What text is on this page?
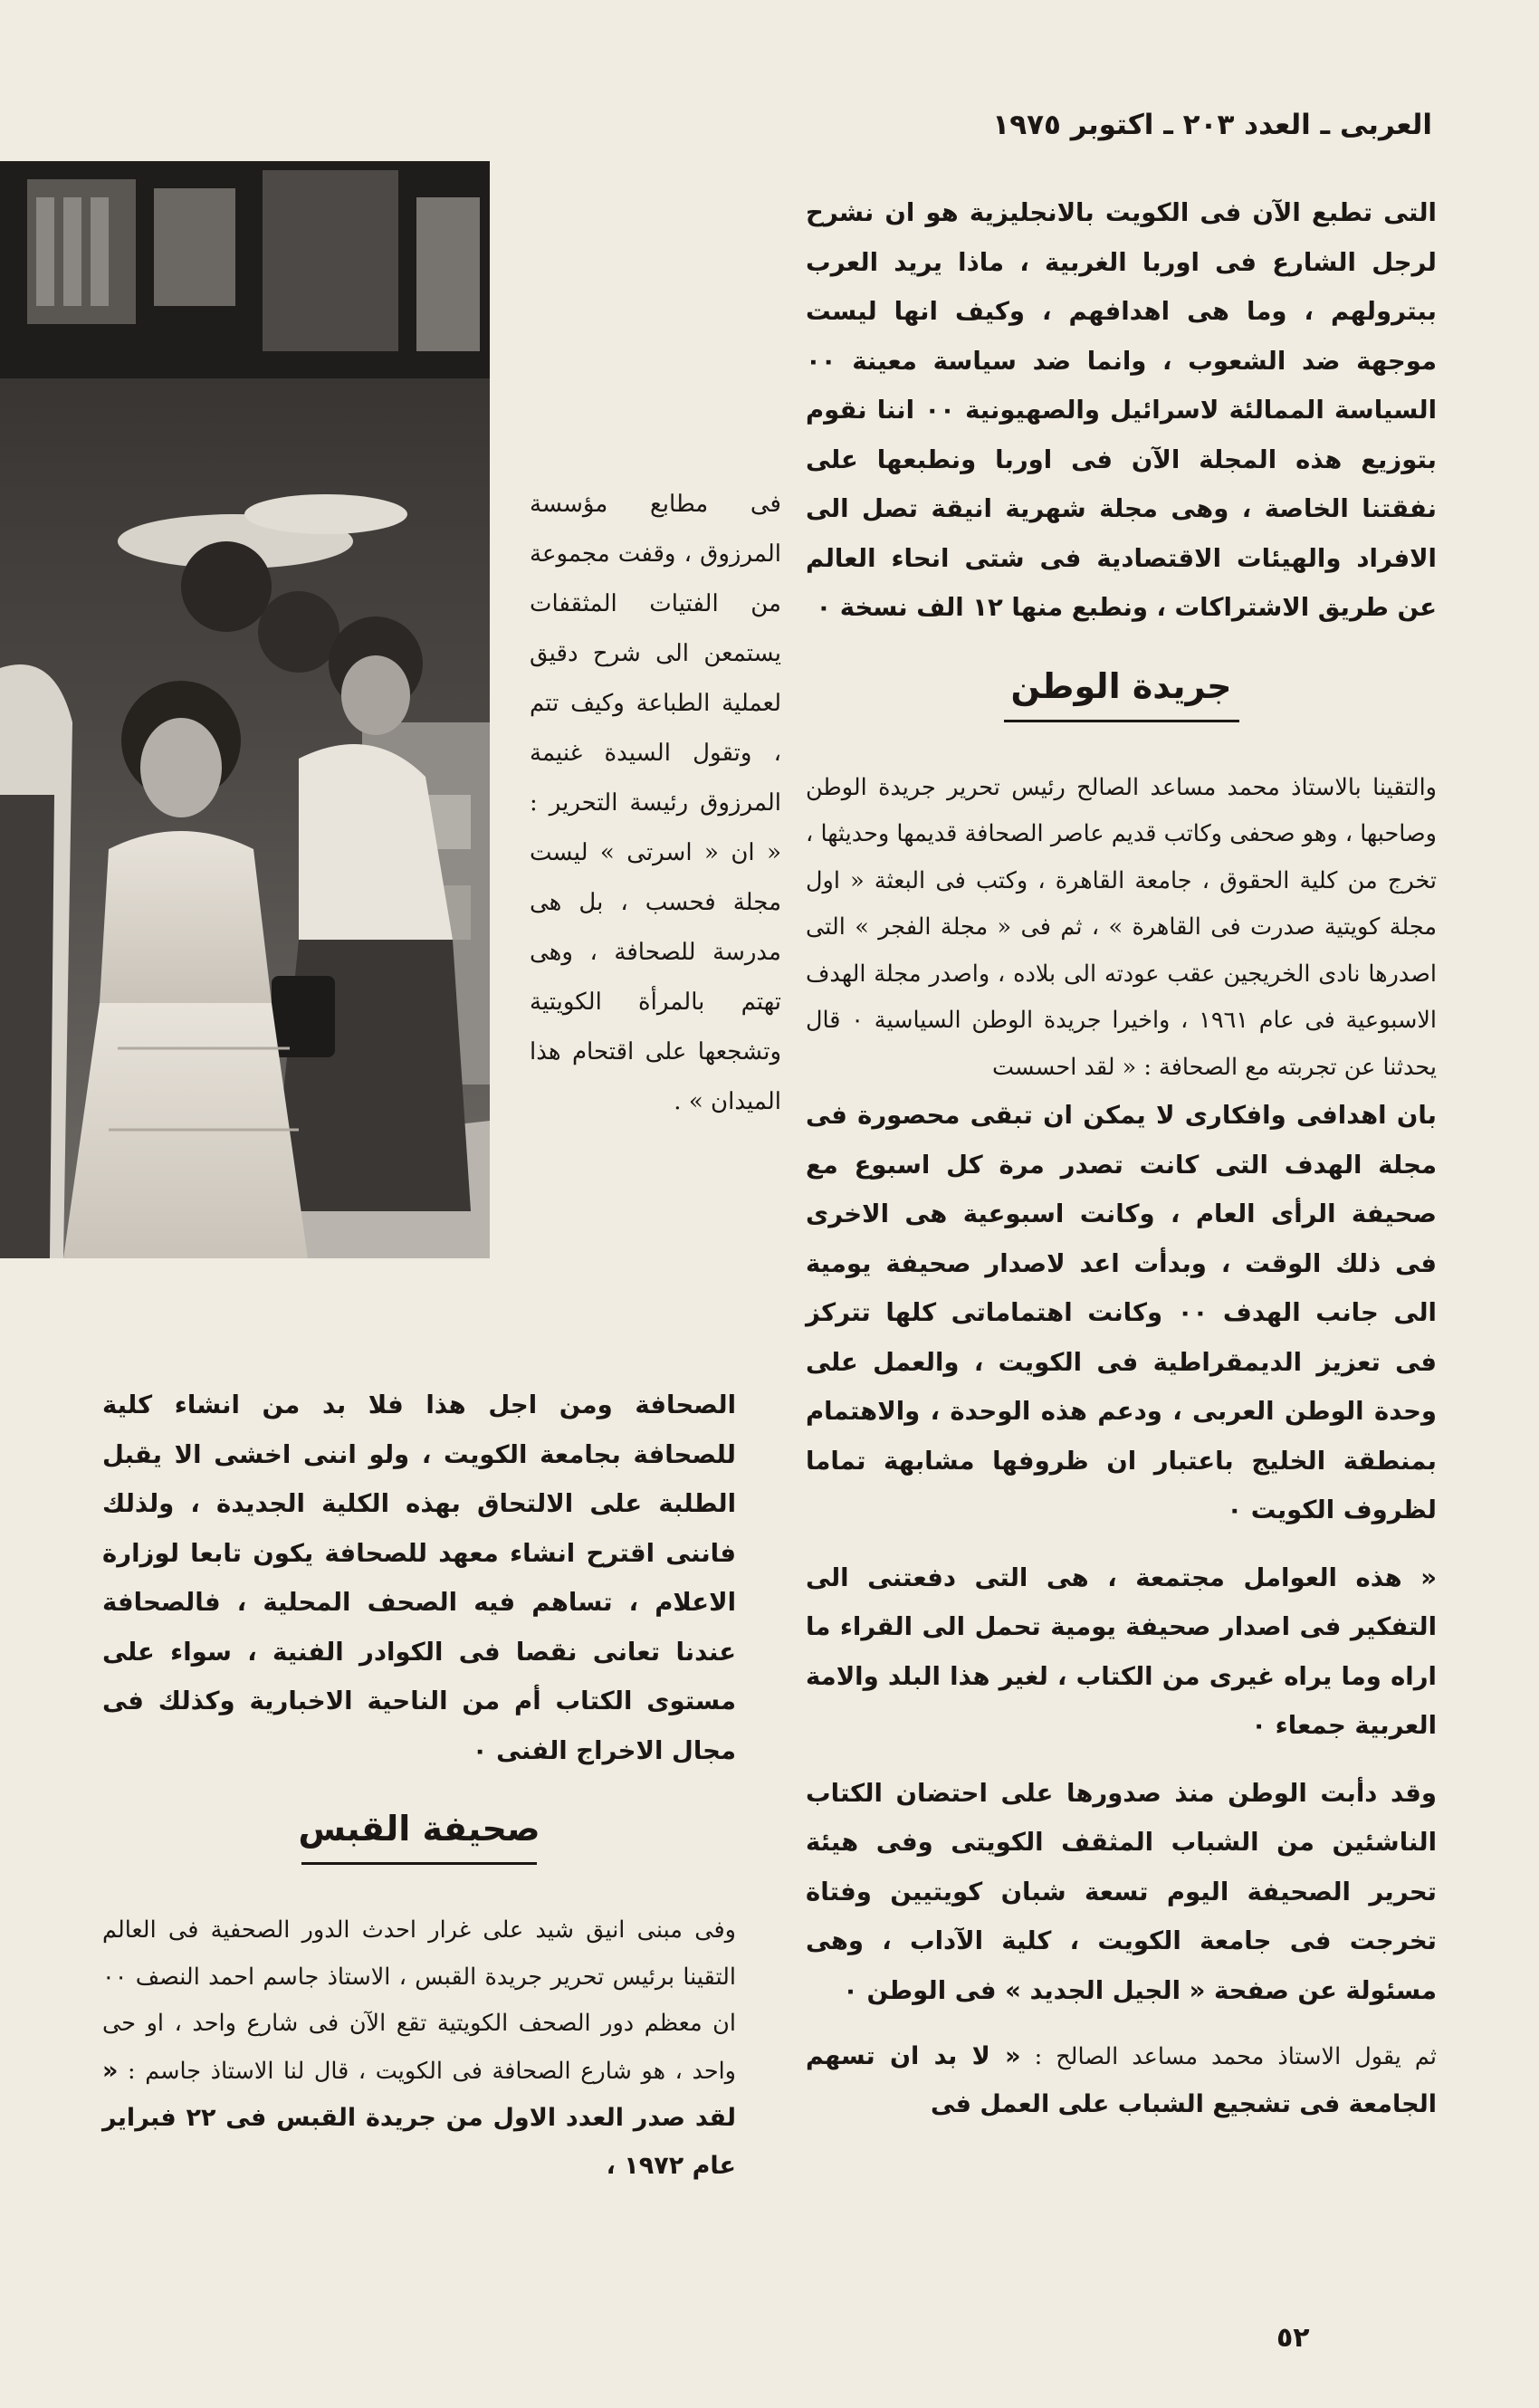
العربى ـ العدد ٢٠٣ ـ اكتوبر ١٩٧٥
فى مطابع مؤسسة المرزوق ، وقفت مجموعة من الفتيات المثقفات يستمعن الى شرح دقيق لعملية الطباعة وكيف تتم ، وتقول السيدة غنيمة المرزوق رئيسة التحرير : « ان « اسرتى » ليست مجلة فحسب ، بل هى مدرسة للصحافة ، وهى تهتم بالمرأة الكويتية وتشجعها على اقتحام هذا الميدان » .

التى تطبع الآن فى الكويت بالانجليزية هو ان نشرح لرجل الشارع فى اوربا الغربية ، ماذا يريد العرب ببترولهم ، وما هى اهدافهم ، وكيف انها ليست موجهة ضد الشعوب ، وانما ضد سياسة معينة ٠٠ السياسة الممالئة لاسرائيل والصهيونية ٠٠ اننا نقوم بتوزيع هذه المجلة الآن فى اوربا ونطبعها على نفقتنا الخاصة ، وهى مجلة شهرية انيقة تصل الى الافراد والهيئات الاقتصادية فى شتى انحاء العالم عن طريق الاشتراكات ، ونطبع منها ١٢ الف نسخة ٠

جريدة الوطن

والتقينا بالاستاذ محمد مساعد الصالح رئيس تحرير جريدة الوطن وصاحبها ، وهو صحفى وكاتب قديم عاصر الصحافة قديمها وحديثها ، تخرج من كلية الحقوق ، جامعة القاهرة ، وكتب فى البعثة « اول مجلة كويتية صدرت فى القاهرة » ، ثم فى « مجلة الفجر » التى اصدرها نادى الخريجين عقب عودته الى بلاده ، واصدر مجلة الهدف الاسبوعية فى عام ١٩٦١ ، واخيرا جريدة الوطن السياسية ٠ قال يحدثنا عن تجربته مع الصحافة : « لقد احسست

بان اهدافى وافكارى لا يمكن ان تبقى محصورة فى مجلة الهدف التى كانت تصدر مرة كل اسبوع مع صحيفة الرأى العام ، وكانت اسبوعية هى الاخرى فى ذلك الوقت ، وبدأت اعد لاصدار صحيفة يومية الى جانب الهدف ٠٠ وكانت اهتماماتى كلها تتركز فى تعزيز الديمقراطية فى الكويت ، والعمل على وحدة الوطن العربى ، ودعم هذه الوحدة ، والاهتمام بمنطقة الخليج باعتبار ان ظروفها مشابهة تماما لظروف الكويت ٠

« هذه العوامل مجتمعة ، هى التى دفعتنى الى التفكير فى اصدار صحيفة يومية تحمل الى القراء ما اراه وما يراه غيرى من الكتاب ، لغير هذا البلد والامة العربية جمعاء ٠

وقد دأبت الوطن منذ صدورها على احتضان الكتاب الناشئين من الشباب المثقف الكويتى وفى هيئة تحرير الصحيفة اليوم تسعة شبان كويتيين وفتاة تخرجت فى جامعة الكويت ، كلية الآداب ، وهى مسئولة عن صفحة « الجيل الجديد » فى الوطن ٠

ثم يقول الاستاذ محمد مساعد الصالح : « لا بد ان تسهم الجامعة فى تشجيع الشباب على العمل فى

الصحافة ومن اجل هذا فلا بد من انشاء كلية للصحافة بجامعة الكويت ، ولو اننى اخشى الا يقبل الطلبة على الالتحاق بهذه الكلية الجديدة ، ولذلك فاننى اقترح انشاء معهد للصحافة يكون تابعا لوزارة الاعلام ، تساهم فيه الصحف المحلية ، فالصحافة عندنا تعانى نقصا فى الكوادر الفنية ، سواء على مستوى الكتاب أم من الناحية الاخبارية وكذلك فى مجال الاخراج الفنى ٠

صحيفة القبس

وفى مبنى انيق شيد على غرار احدث الدور الصحفية فى العالم التقينا برئيس تحرير جريدة القبس ، الاستاذ جاسم احمد النصف ٠٠ ان معظم دور الصحف الكويتية تقع الآن فى شارع واحد ، او حى واحد ، هو شارع الصحافة فى الكويت ، قال لنا الاستاذ جاسم : « لقد صدر العدد الاول من جريدة القبس فى ٢٢ فبراير عام ١٩٧٢ ،

٥٢
